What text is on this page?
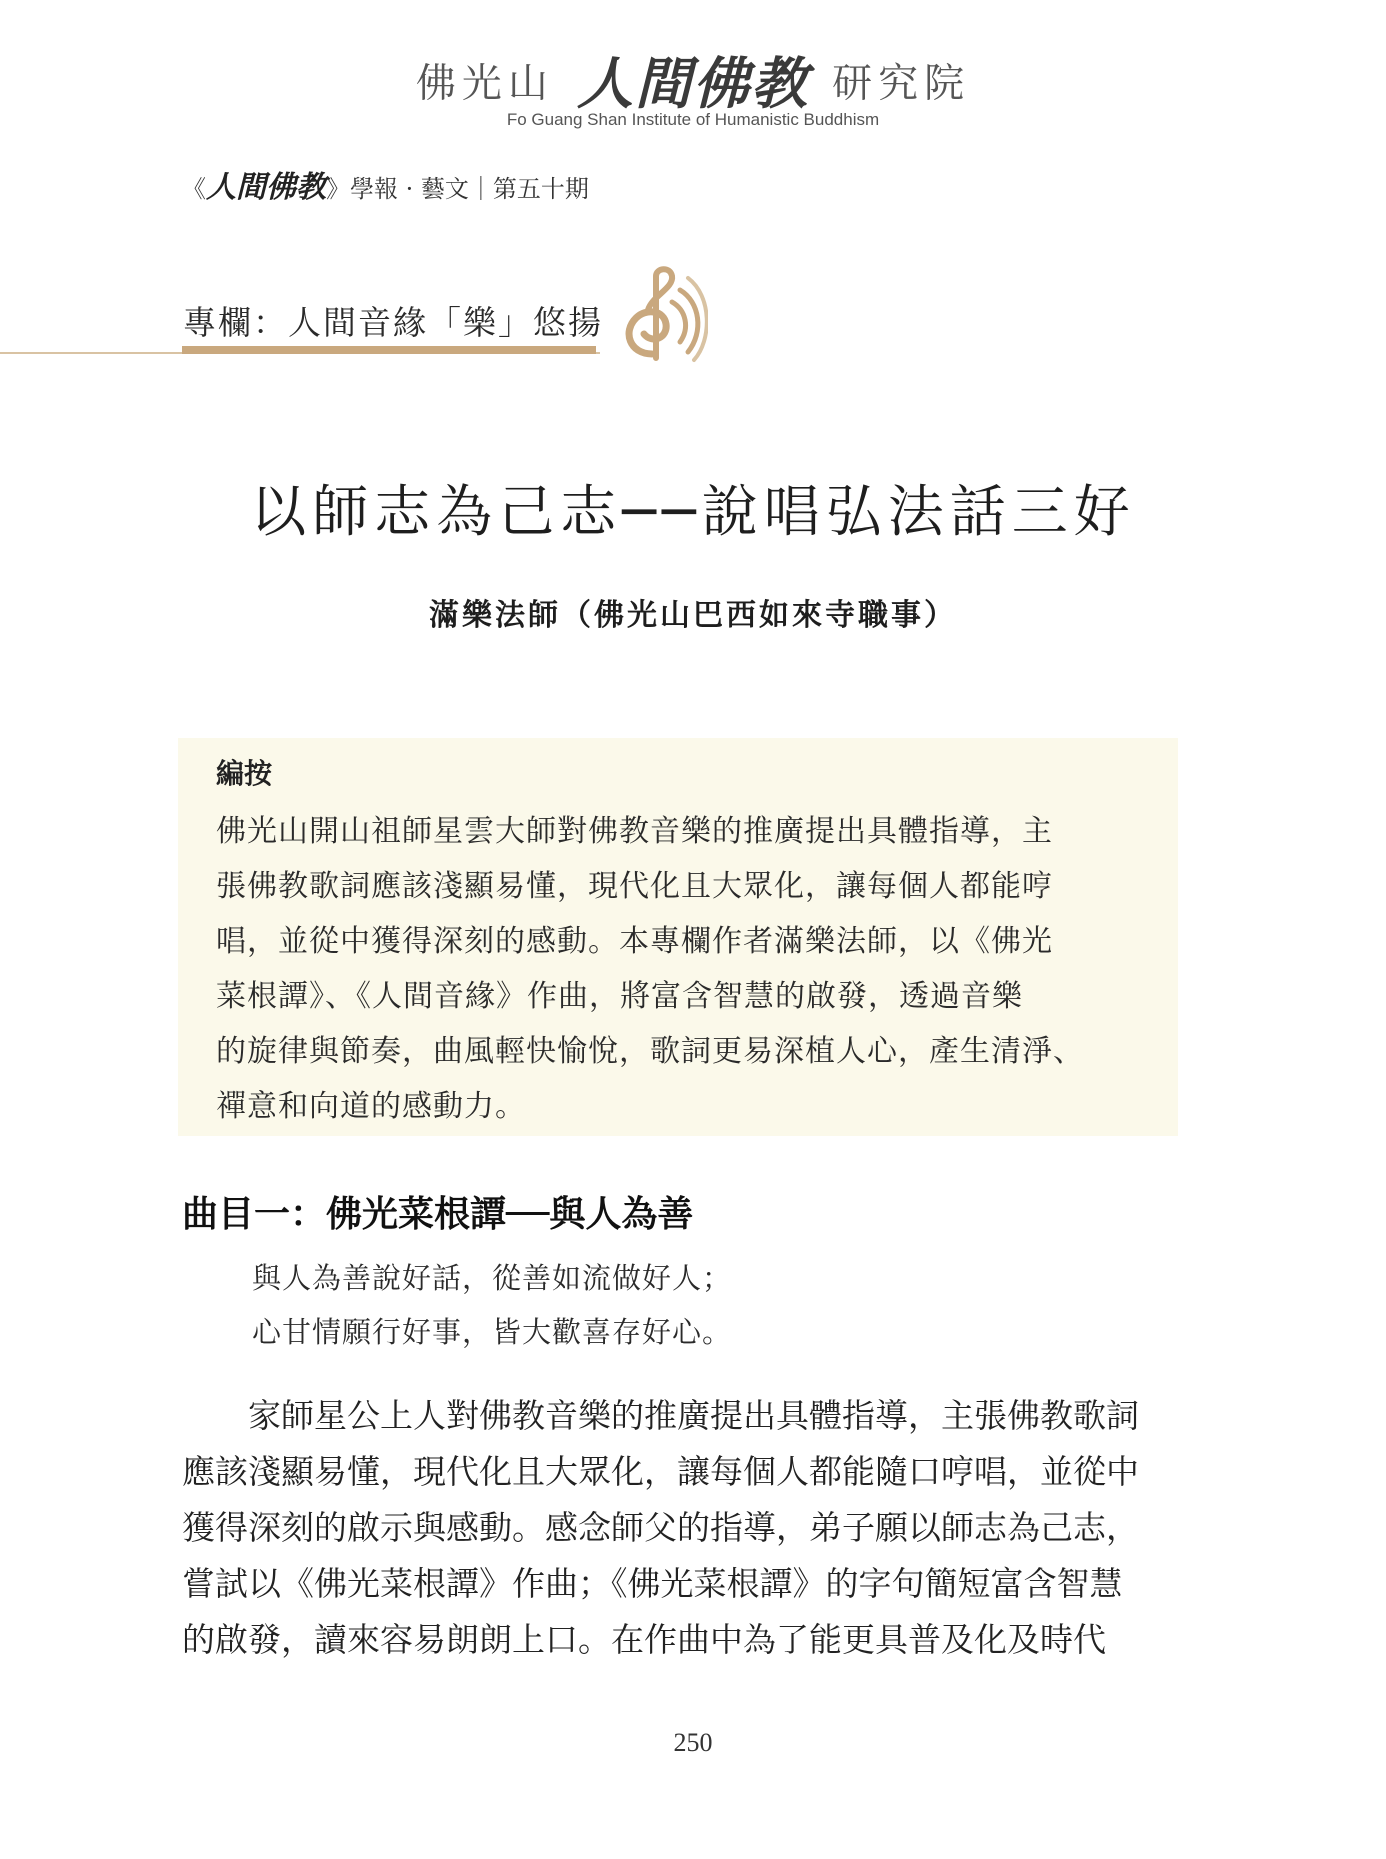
佛光山 人間佛教 研究院
Fo Guang Shan Institute of Humanistic Buddhism
《人間佛教》學報 · 藝文｜第五十期
專欄：人間音緣「樂」悠揚
以師志為己志──說唱弘法話三好
滿樂法師（佛光山巴西如來寺職事）
編按
佛光山開山祖師星雲大師對佛教音樂的推廣提出具體指導，主
張佛教歌詞應該淺顯易懂，現代化且大眾化，讓每個人都能哼
唱，並從中獲得深刻的感動。本專欄作者滿樂法師，以《佛光
菜根譚》、《人間音緣》作曲，將富含智慧的啟發，透過音樂
的旋律與節奏，曲風輕快愉悅，歌詞更易深植人心，產生清淨、
禪意和向道的感動力。
曲目一：佛光菜根譚──與人為善
與人為善說好話，從善如流做好人；
心甘情願行好事，皆大歡喜存好心。
　　家師星公上人對佛教音樂的推廣提出具體指導，主張佛教歌詞
應該淺顯易懂，現代化且大眾化，讓每個人都能隨口哼唱，並從中
獲得深刻的啟示與感動。感念師父的指導，弟子願以師志為己志，
嘗試以《佛光菜根譚》作曲；《佛光菜根譚》的字句簡短富含智慧
的啟發，讀來容易朗朗上口。在作曲中為了能更具普及化及時代
250
